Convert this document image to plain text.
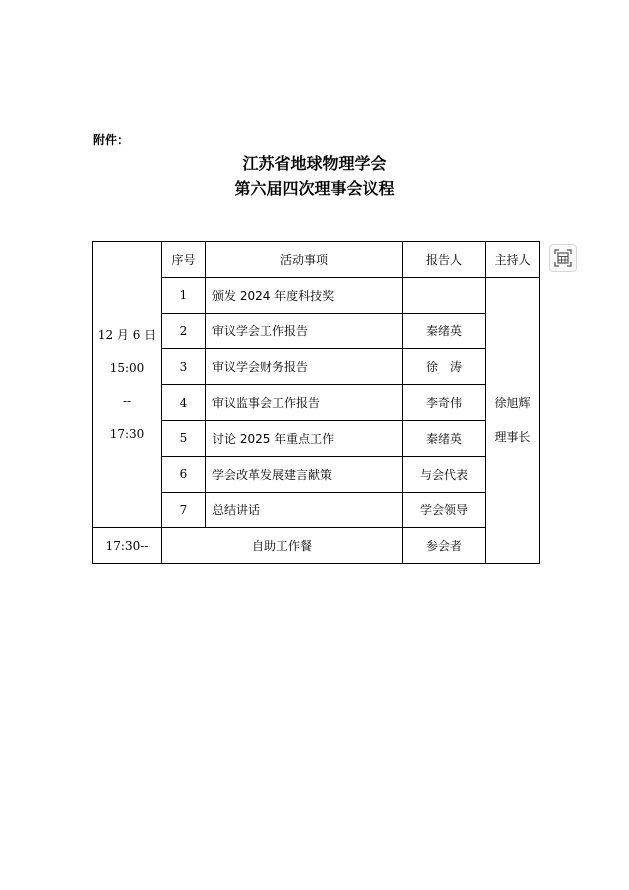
附件：
江苏省地球物理学会
第六届四次理事会议程
12 月 6 日
15:00
--
17:30	序号	活动事项	报告人	主持人
	1	颁发 2024 年度科技奖		徐旭辉
理事长

	2	审议学会工作报告	秦绪英	
	3	审议学会财务报告	徐　涛	
	4	审议监事会工作报告	李奇伟	
	5	讨论 2025 年重点工作	秦绪英	
	6	学会改革发展建言献策	与会代表	
	7	总结讲话	学会领导	
17:30--	自助工作餐		参会者	
